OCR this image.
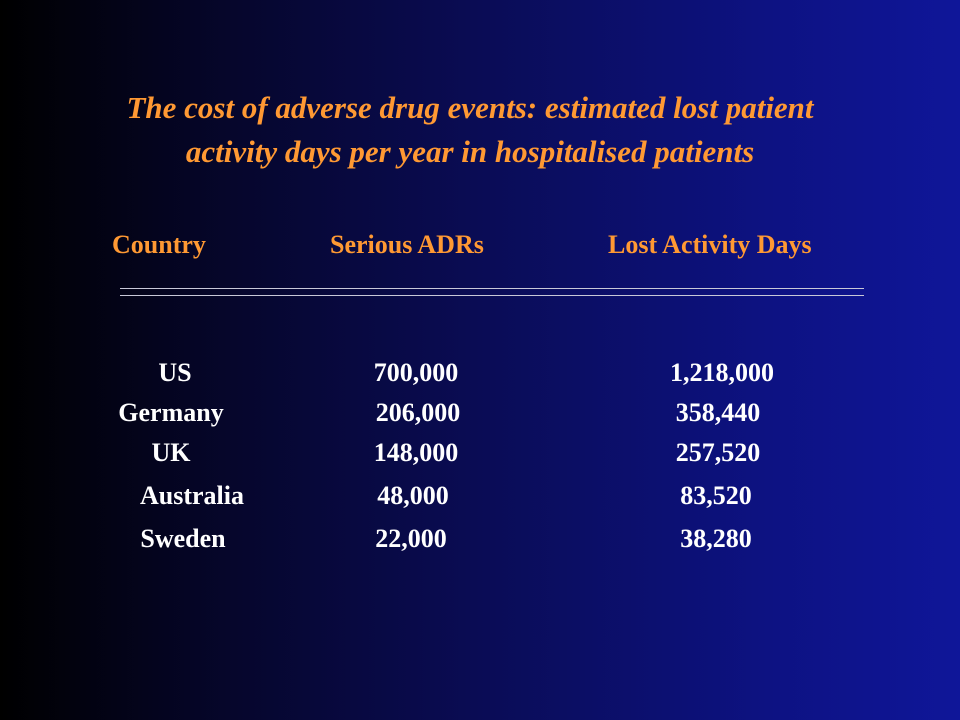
The cost of adverse drug events: estimated lost patient
activity days per year in hospitalised patients
Country	Serious ADRs	Lost Activity Days
US	700,000	1,218,000
Germany	206,000	358,440
UK	148,000	257,520
Australia	48,000	83,520
Sweden	22,000	38,280
